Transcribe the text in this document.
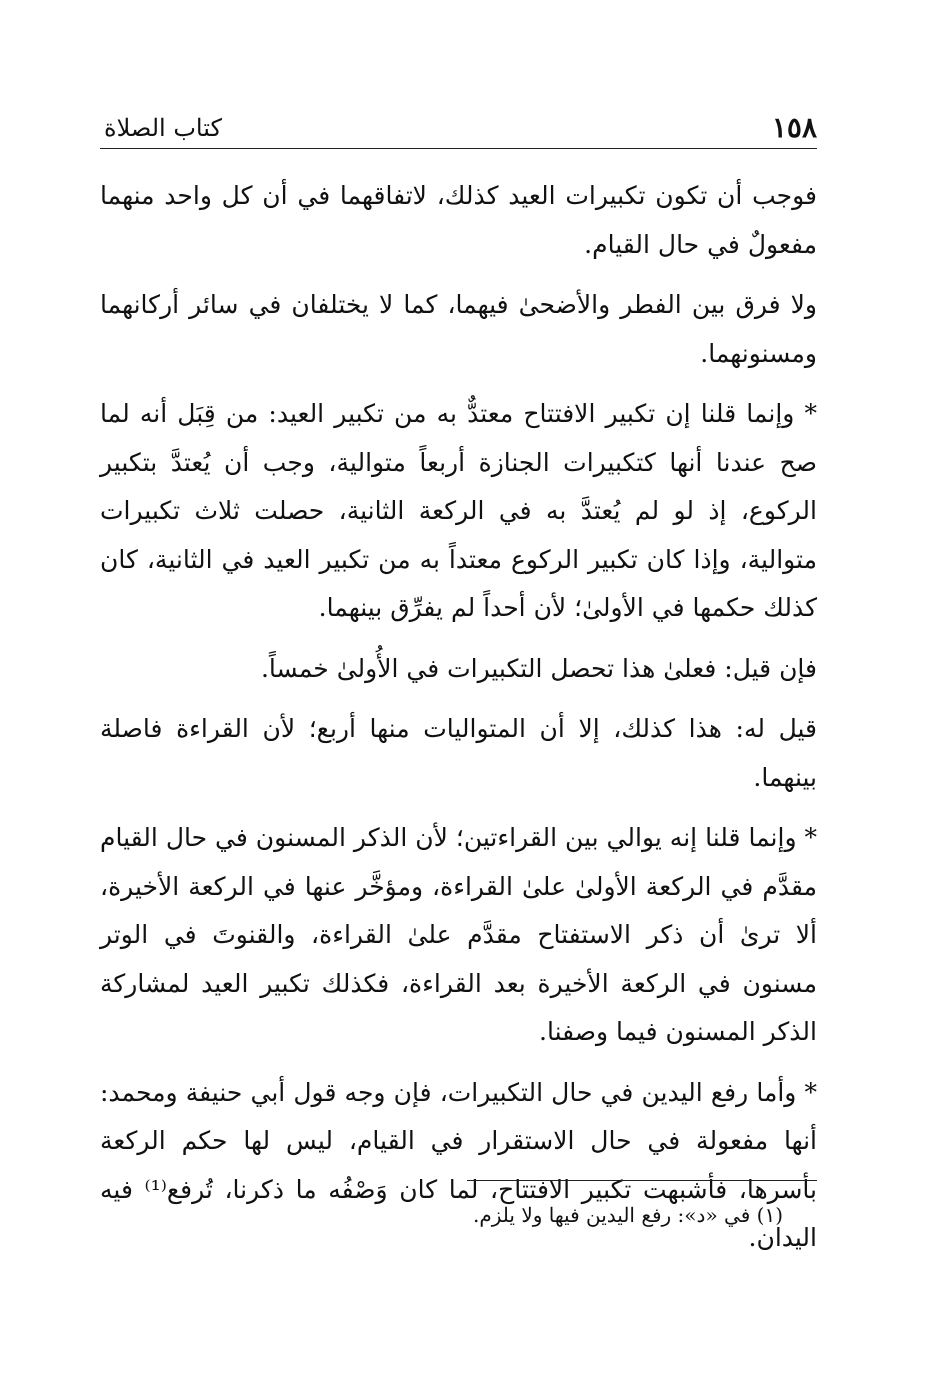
١٥٨
كتاب الصلاة

فوجب أن تكون تكبيرات العيد كذلك، لاتفاقهما في أن كل واحد منهما مفعولٌ في حال القيام.

ولا فرق بين الفطر والأضحىٰ فيهما، كما لا يختلفان في سائر أركانهما ومسنونهما.

* وإنما قلنا إن تكبير الافتتاح معتدٌّ به من تكبير العيد: من قِبَل أنه لما صح عندنا أنها كتكبيرات الجنازة أربعاً متوالية، وجب أن يُعتدَّ بتكبير الركوع، إذ لو لم يُعتدَّ به في الركعة الثانية، حصلت ثلاث تكبيرات متوالية، وإذا كان تكبير الركوع معتداً به من تكبير العيد في الثانية، كان كذلك حكمها في الأولىٰ؛ لأن أحداً لم يفرِّق بينهما.

فإن قيل: فعلىٰ هذا تحصل التكبيرات في الأُولىٰ خمساً.

قيل له: هذا كذلك، إلا أن المتواليات منها أربع؛ لأن القراءة فاصلة بينهما.

* وإنما قلنا إنه يوالي بين القراءتين؛ لأن الذكر المسنون في حال القيام مقدَّم في الركعة الأولىٰ علىٰ القراءة، ومؤخَّر عنها في الركعة الأخيرة، ألا ترىٰ أن ذكر الاستفتاح مقدَّم علىٰ القراءة، والقنوتَ في الوتر مسنون في الركعة الأخيرة بعد القراءة، فكذلك تكبير العيد لمشاركة الذكر المسنون فيما وصفنا.

* وأما رفع اليدين في حال التكبيرات، فإن وجه قول أبي حنيفة ومحمد: أنها مفعولة في حال الاستقرار في القيام، ليس لها حكم الركعة بأسرها، فأشبهت تكبير الافتتاح، لما كان وَصْفُه ما ذكرنا، تُرفع⁽¹⁾ فيه اليدان.

(١) في «د»: رفع اليدين فيها ولا يلزم.
